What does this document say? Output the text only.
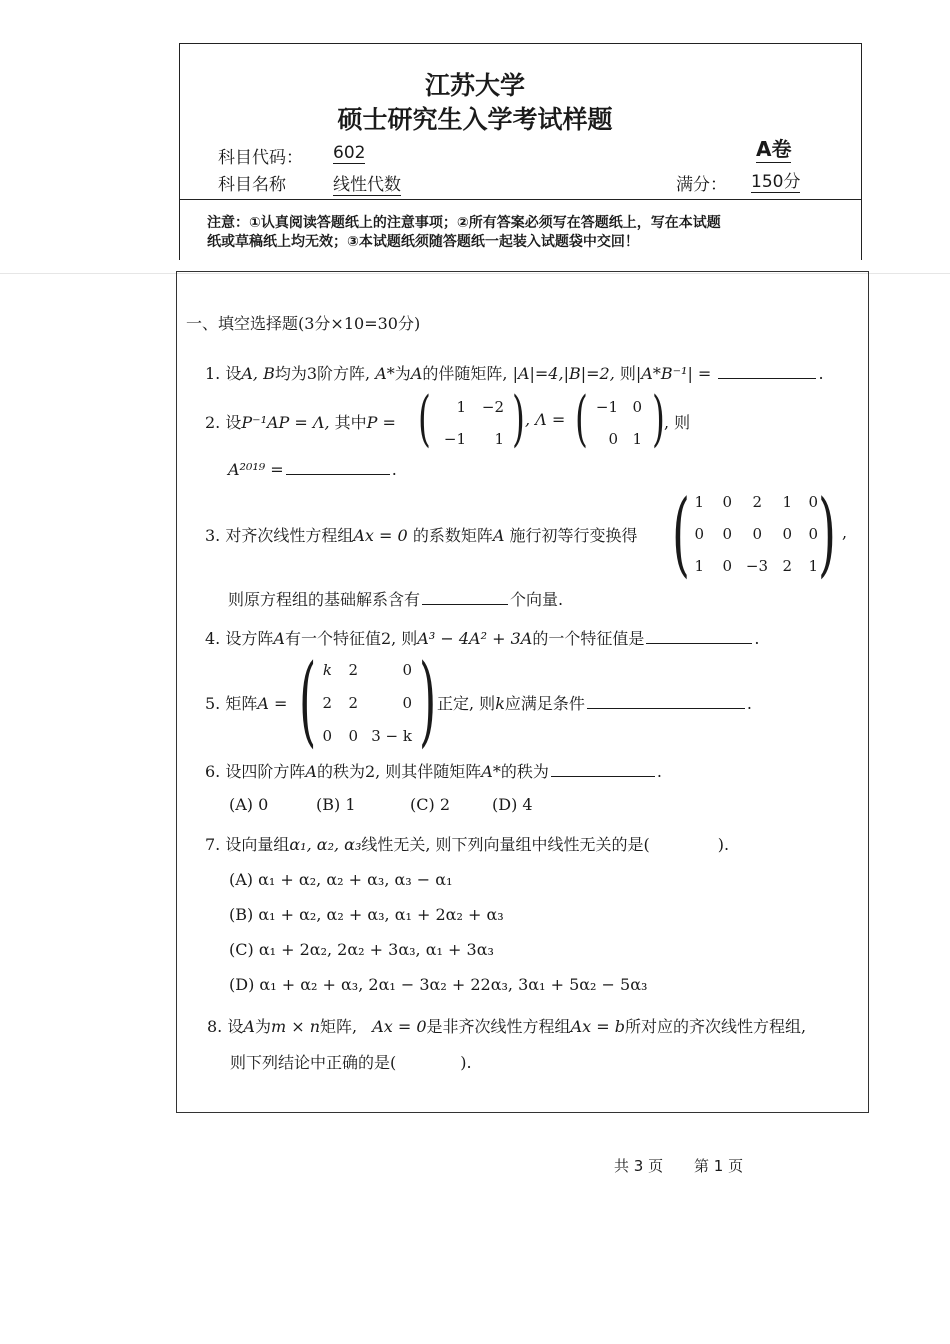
江苏大学
硕士研究生入学考试样题
科目代码： 602	A卷
科目名称	线性代数	满分： 150分
注意：①认真阅读答题纸上的注意事项；②所有答案必须写在答题纸上，写在本试题
纸或草稿纸上均无效；③本试题纸须随答题纸一起装入试题袋中交回！
一、填空选择题(3分×10=30分)
1. 设A, B均为3阶方阵, A*为A的伴随矩阵, |A|=4,|B|=2, 则|A*B⁻¹| =	.
2. 设P⁻¹AP = Λ, 其中P = ( )
1 −2
−1	1
, Λ = ( )
−1 0
0 1
, 则
A²⁰¹⁹ =	.
3. 对齐次线性方程组Ax = 0 的系数矩阵A 施行初等行变换得 ( )
1 0	2 1 0
0 0	0 0 0
1 0 −3 2 1
,
则原方程组的基础解系含有	个向量.
4. 设方阵A有一个特征值2, 则A³ − 4A² + 3A的一个特征值是	.
5. 矩阵A = ( )
k 2	0
2 2	0
0 0 3 − k
正定, 则k应满足条件	.
6. 设四阶方阵A的秩为2, 则其伴随矩阵A*的秩为	.
(A) 0	(B) 1	(C) 2	(D) 4
7. 设向量组α₁, α₂, α₃线性无关, 则下列向量组中线性无关的是(	).
(A) α₁ + α₂, α₂ + α₃, α₃ − α₁
(B) α₁ + α₂, α₂ + α₃, α₁ + 2α₂ + α₃
(C) α₁ + 2α₂, 2α₂ + 3α₃, α₁ + 3α₃
(D) α₁ + α₂ + α₃, 2α₁ − 3α₂ + 22α₃, 3α₁ + 5α₂ − 5α₃
8. 设A为m × n矩阵, Ax = 0是非齐次线性方程组Ax = b所对应的齐次线性方程组,
则下列结论中正确的是(	).
共 3 页 第 1 页
